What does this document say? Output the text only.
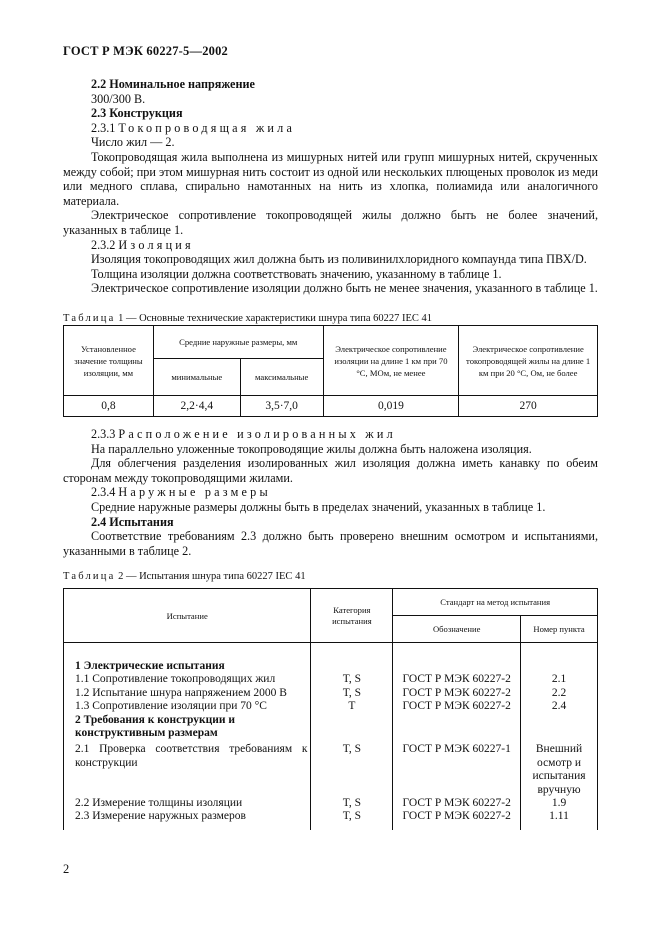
ГОСТ Р МЭК 60227-5—2002

2.2 Номинальное напряжение

300/300 В.

2.3 Конструкция

2.3.1 Токопроводящая жила

Число жил — 2.

Токопроводящая жила выполнена из мишурных нитей или групп мишурных нитей, скрученных между собой; при этом мишурная нить состоит из одной или нескольких плющеных проволок из меди или медного сплава, спирально намотанных на нить из хлопка, полиамида или аналогичного материала.

Электрическое сопротивление токопроводящей жилы должно быть не более значений, указанных в таблице 1.

2.3.2 Изоляция

Изоляция токопроводящих жил должна быть из поливинилхлоридного компаунда типа ПВХ/D.

Толщина изоляции должна соответствовать значению, указанному в таблице 1.

Электрическое сопротивление изоляции должно быть не менее значения, указанного в таблице 1.

Таблица 1 — Основные технические характеристики шнура типа 60227 IEC 41
Установленное значение толщины изоляции, мм	Средние наружные размеры, мм		Электрическое сопротивление изоляции на длине 1 км при 70 °С, МОм, не менее	Электрическое сопротивление токопроводящей жилы на длине 1 км при 20 °С, Ом, не более
	минимальные	максимальные		
0,8	2,2·4,4	3,5·7,0	0,019	270

2.3.3 Расположение изолированных жил

На параллельно уложенные токопроводящие жилы должна быть наложена изоляция.

Для облегчения разделения изолированных жил изоляция должна иметь канавку по обеим сторонам между токопроводящими жилами.

2.3.4 Наружные размеры

Средние наружные размеры должны быть в пределах значений, указанных в таблице 1.

2.4 Испытания

Соответствие требованиям 2.3 должно быть проверено внешним осмотром и испытаниями, указанными в таблице 2.

Таблица 2 — Испытания шнура типа 60227 IEC 41
Испытание	Категория испытания	Стандарт на метод испытания	
		Обозначение	Номер пункта
1 Электрические испытания			
1.1 Сопротивление токопроводящих жил	T, S	ГОСТ Р МЭК 60227-2	2.1
1.2 Испытание шнура напряжением 2000 В	T, S	ГОСТ Р МЭК 60227-2	2.2
1.3 Сопротивление изоляции при 70 °С	T	ГОСТ Р МЭК 60227-2	2.4
2 Требования к конструкции и конструктивным размерам			
2.1 Проверка соответствия требованиям к конструкции	T, S	ГОСТ Р МЭК 60227-1	Внешний осмотр и испытания вручную
2.2 Измерение толщины изоляции	T, S	ГОСТ Р МЭК 60227-2	1.9
2.3 Измерение наружных размеров	T, S	ГОСТ Р МЭК 60227-2	1.11
2
